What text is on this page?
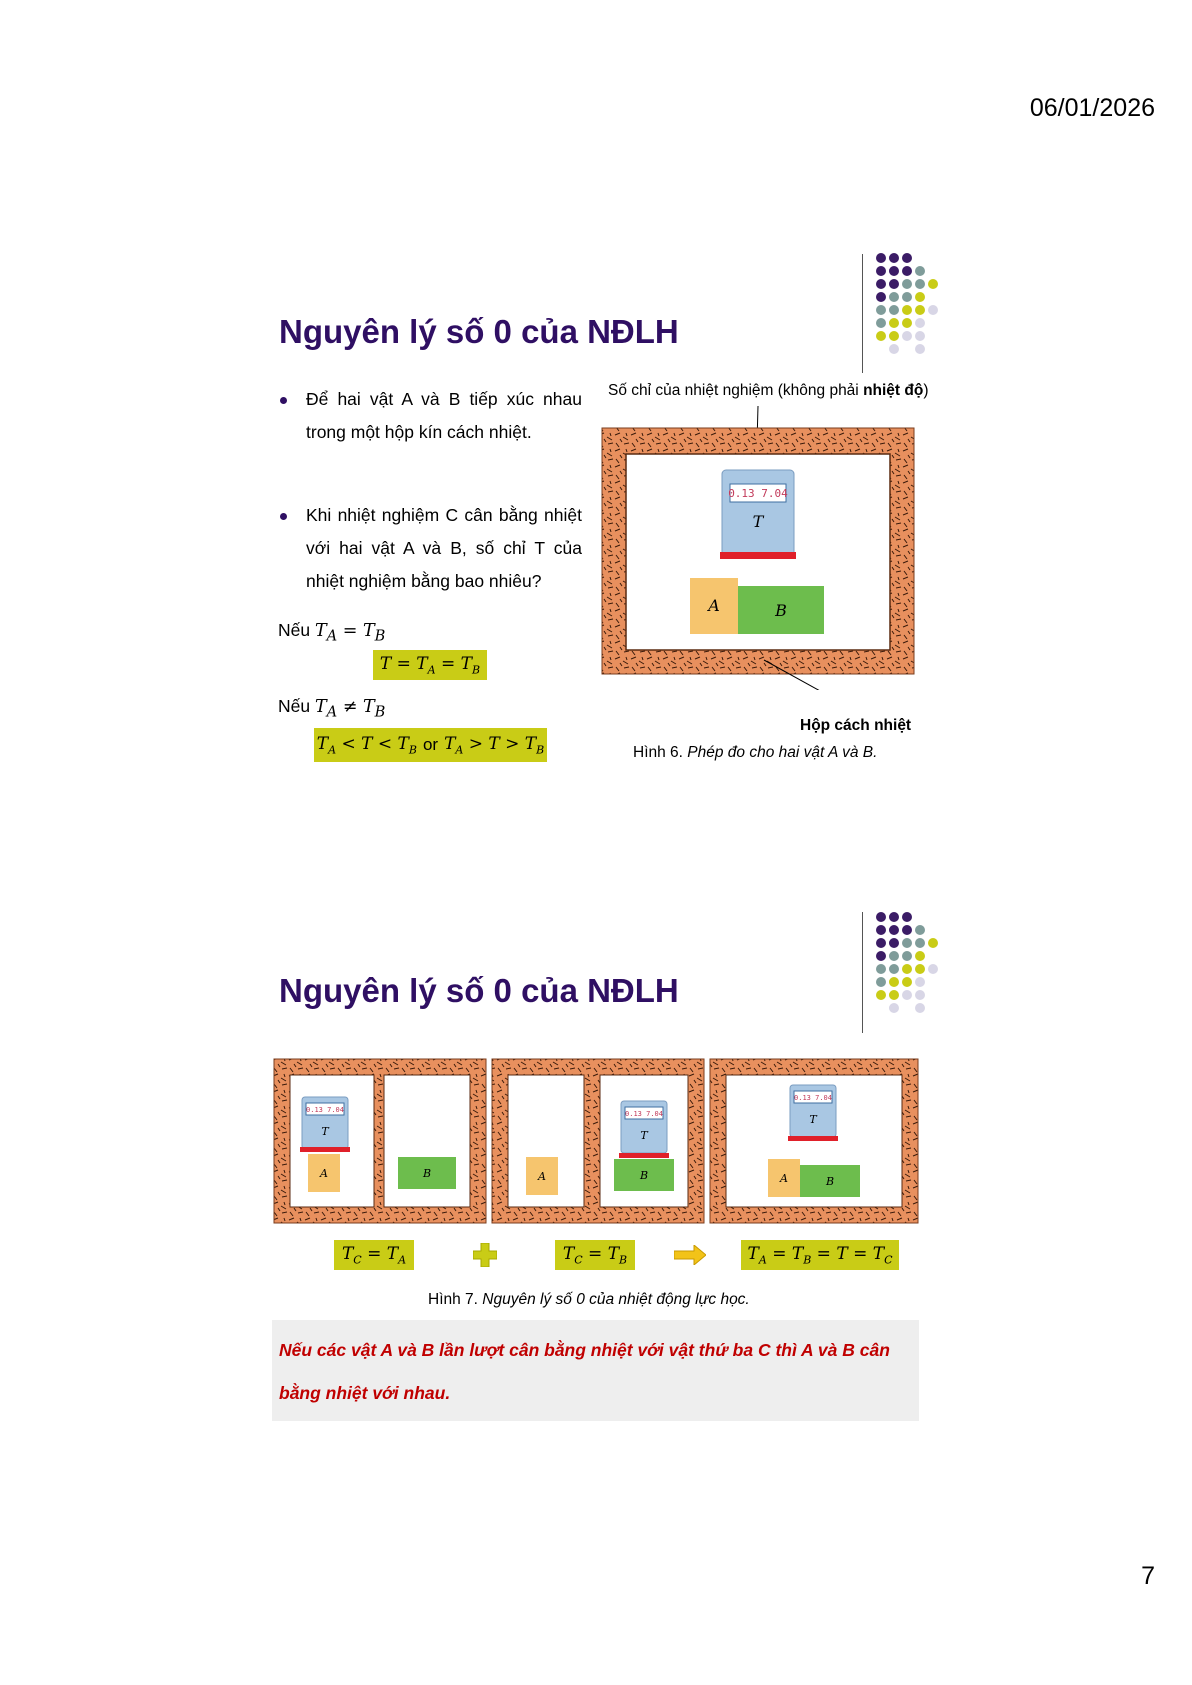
06/01/2026
7
Nguyên lý số 0 của NĐLH
Để hai vật A và B tiếp xúc nhau trong một hộp kín cách nhiệt.
Khi nhiệt nghiệm C cân bằng nhiệt với hai vật A và B, số chỉ T của nhiệt nghiệm bằng bao nhiêu?
Nếu $T_A = T_B$
$T = T_A = T_B$
Nếu $T_A \ne T_B$
$T_A < T < T_B$ or $T_A > T > T_B$
Số chỉ của nhiệt nghiệm (không phải nhiệt độ)
0.13 7.04
T
A	B
Hộp cách nhiệt
Hình 6. Phép đo cho hai vật A và B.
Nguyên lý số 0 của NĐLH
0.13 7.04
T
A	B	A
0.13 7.04
T
B
0.13 7.04
T
A	B
$T_C = T_A$	$T_C = T_B$	$T_A = T_B = T = T_C$
Hình 7. Nguyên lý số 0 của nhiệt động lực học.
Nếu các vật A và B lần lượt cân bằng nhiệt với vật thứ ba C thì A và B cân bằng nhiệt với nhau.
